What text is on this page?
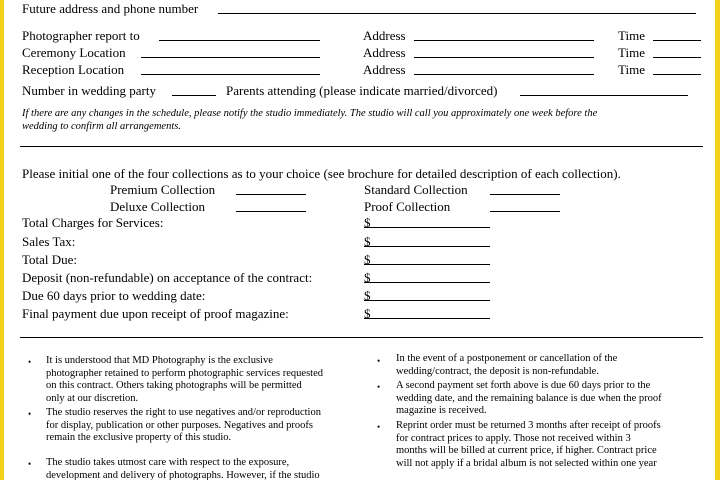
Future address and phone number
Photographer report to	Address	Time
Ceremony Location	Address	Time
Reception Location	Address	Time
Number in wedding party	Parents attending (please indicate married/divorced)
If there are any changes in the schedule, please notify the studio immediately. The studio will call you approximately one week before the
wedding to confirm all arrangements.
Please initial one of the four collections as to your choice (see brochure for detailed description of each collection).
Premium Collection	Standard Collection
Deluxe Collection	Proof Collection
Total Charges for Services:	$
Sales Tax:	$
Total Due:	$
Deposit (non-refundable) on acceptance of the contract:	$
Due 60 days prior to wedding date:	$
Final payment due upon receipt of proof magazine:	$
• It is understood that MD Photography is the exclusive
photographer retained to perform photographic services requested
on this contract. Others taking photographs will be permitted
only at our discretion.
• The studio reserves the right to use negatives and/or reproduction
for display, publication or other purposes. Negatives and proofs
remain the exclusive property of this studio.
• The studio takes utmost care with respect to the exposure,
development and delivery of photographs. However, if the studio
• In the event of a postponement or cancellation of the
wedding/contract, the deposit is non-refundable.
• A second payment set forth above is due 60 days prior to the
wedding date, and the remaining balance is due when the proof
magazine is received.
• Reprint order must be returned 3 months after receipt of proofs
for contract prices to apply. Those not received within 3
months will be billed at current price, if higher. Contract price
will not apply if a bridal album is not selected within one year
